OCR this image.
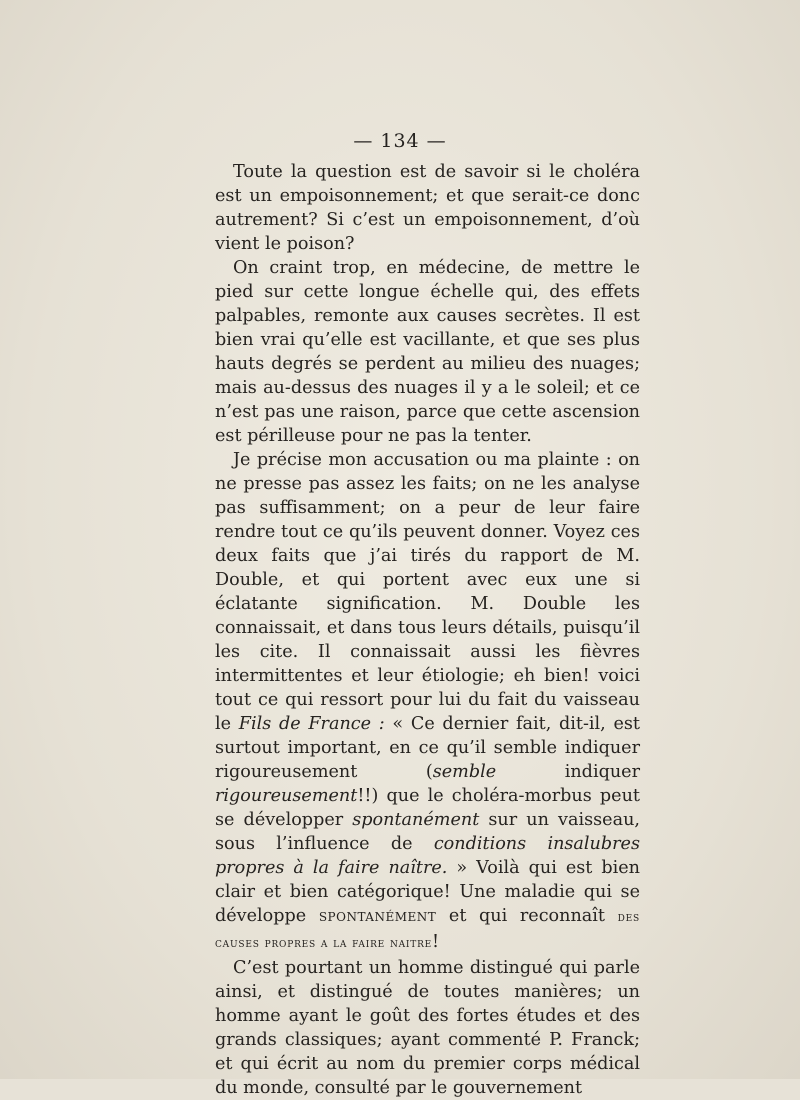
— 134 —

Toute la question est de savoir si le choléra est un empoisonnement; et que serait-ce donc autrement? Si c’est un empoisonnement, d’où vient le poison?

On craint trop, en médecine, de mettre le pied sur cette longue échelle qui, des effets palpables, remonte aux causes secrètes. Il est bien vrai qu’elle est vacillante, et que ses plus hauts degrés se perdent au milieu des nuages; mais au-dessus des nuages il y a le soleil; et ce n’est pas une raison, parce que cette ascension est périlleuse pour ne pas la tenter.

Je précise mon accusation ou ma plainte : on ne presse pas assez les faits; on ne les analyse pas suffisamment; on a peur de leur faire rendre tout ce qu’ils peuvent donner. Voyez ces deux faits que j’ai tirés du rapport de M. Double, et qui portent avec eux une si éclatante signification. M. Double les connaissait, et dans tous leurs détails, puisqu’il les cite. Il connaissait aussi les fièvres intermittentes et leur étiologie; eh bien! voici tout ce qui ressort pour lui du fait du vaisseau le Fils de France : « Ce dernier fait, dit-il, est surtout important, en ce qu’il semble indiquer rigoureusement (semble indiquer rigoureusement!!) que le choléra-morbus peut se développer spontanément sur un vaisseau, sous l’influence de conditions insalubres propres à la faire naître. » Voilà qui est bien clair et bien catégorique! Une maladie qui se développe spontanément et qui reconnaît des causes propres a la faire naitre!

C’est pourtant un homme distingué qui parle ainsi, et distingué de toutes manières; un homme ayant le goût des fortes études et des grands classiques; ayant commenté P. Franck; et qui écrit au nom du premier corps médical du monde, consulté par le gouvernement
